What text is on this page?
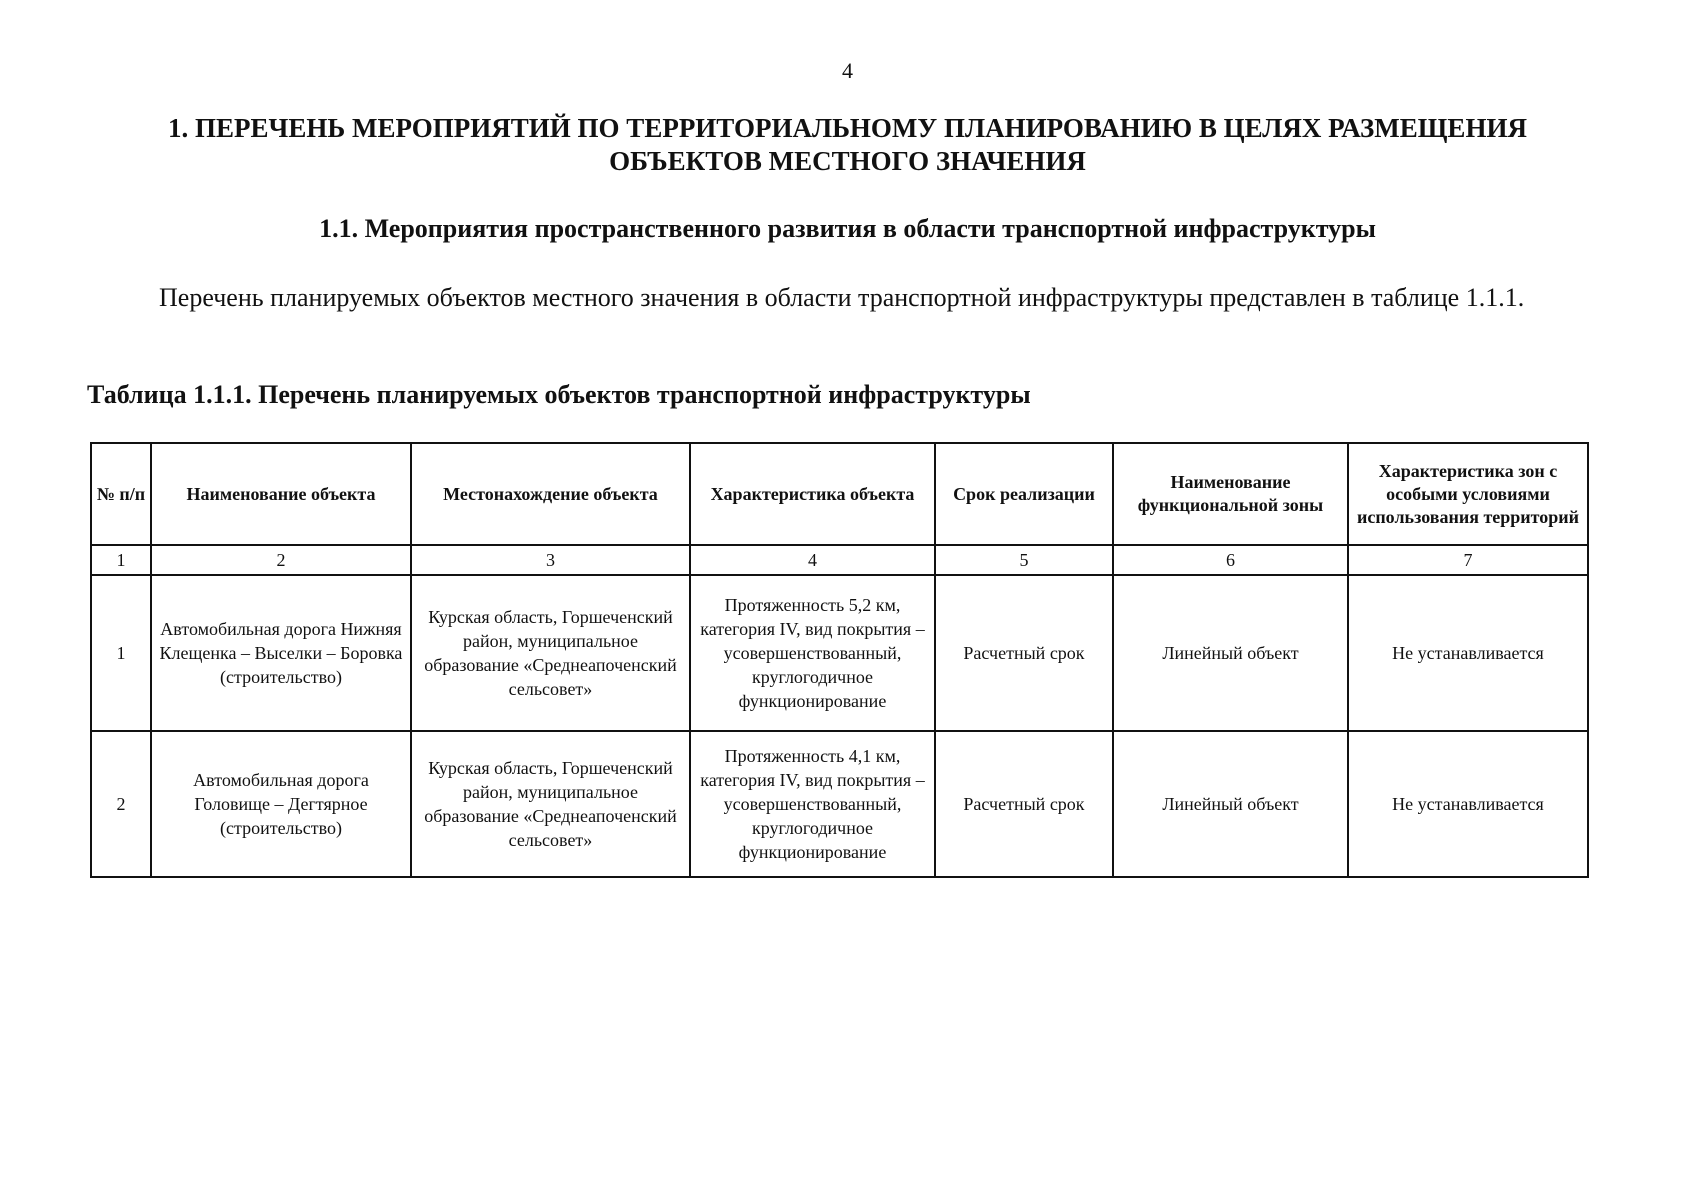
4
1. ПЕРЕЧЕНЬ МЕРОПРИЯТИЙ ПО ТЕРРИТОРИАЛЬНОМУ ПЛАНИРОВАНИЮ В ЦЕЛЯХ РАЗМЕЩЕНИЯ
ОБЪЕКТОВ МЕСТНОГО ЗНАЧЕНИЯ
1.1. Мероприятия пространственного развития в области транспортной инфраструктуры

Перечень планируемых объектов местного значения в области транспортной инфраструктуры представлен в таблице 1.1.1.

Таблица 1.1.1. Перечень планируемых объектов транспортной инфраструктуры
№ п/п	Наименование объекта	Местонахождение объекта	Характеристика объекта	Срок реализации	Наименование функциональной зоны	Характеристика зон с особыми условиями использования территорий
1	2	3	4	5	6	7
1	Автомобильная дорога Нижняя Клещенка – Выселки – Боровка (строительство)	Курская область, Горшеченский район, муниципальное образование «Среднеапоченский сельсовет»	Протяженность 5,2 км, категория IV, вид покрытия – усовершенствованный, круглогодичное функционирование	Расчетный срок	Линейный объект	Не устанавливается
2	Автомобильная дорога Головище – Дегтярное (строительство)	Курская область, Горшеченский район, муниципальное образование «Среднеапоченский сельсовет»	Протяженность 4,1 км, категория IV, вид покрытия – усовершенствованный, круглогодичное функционирование	Расчетный срок	Линейный объект	Не устанавливается
